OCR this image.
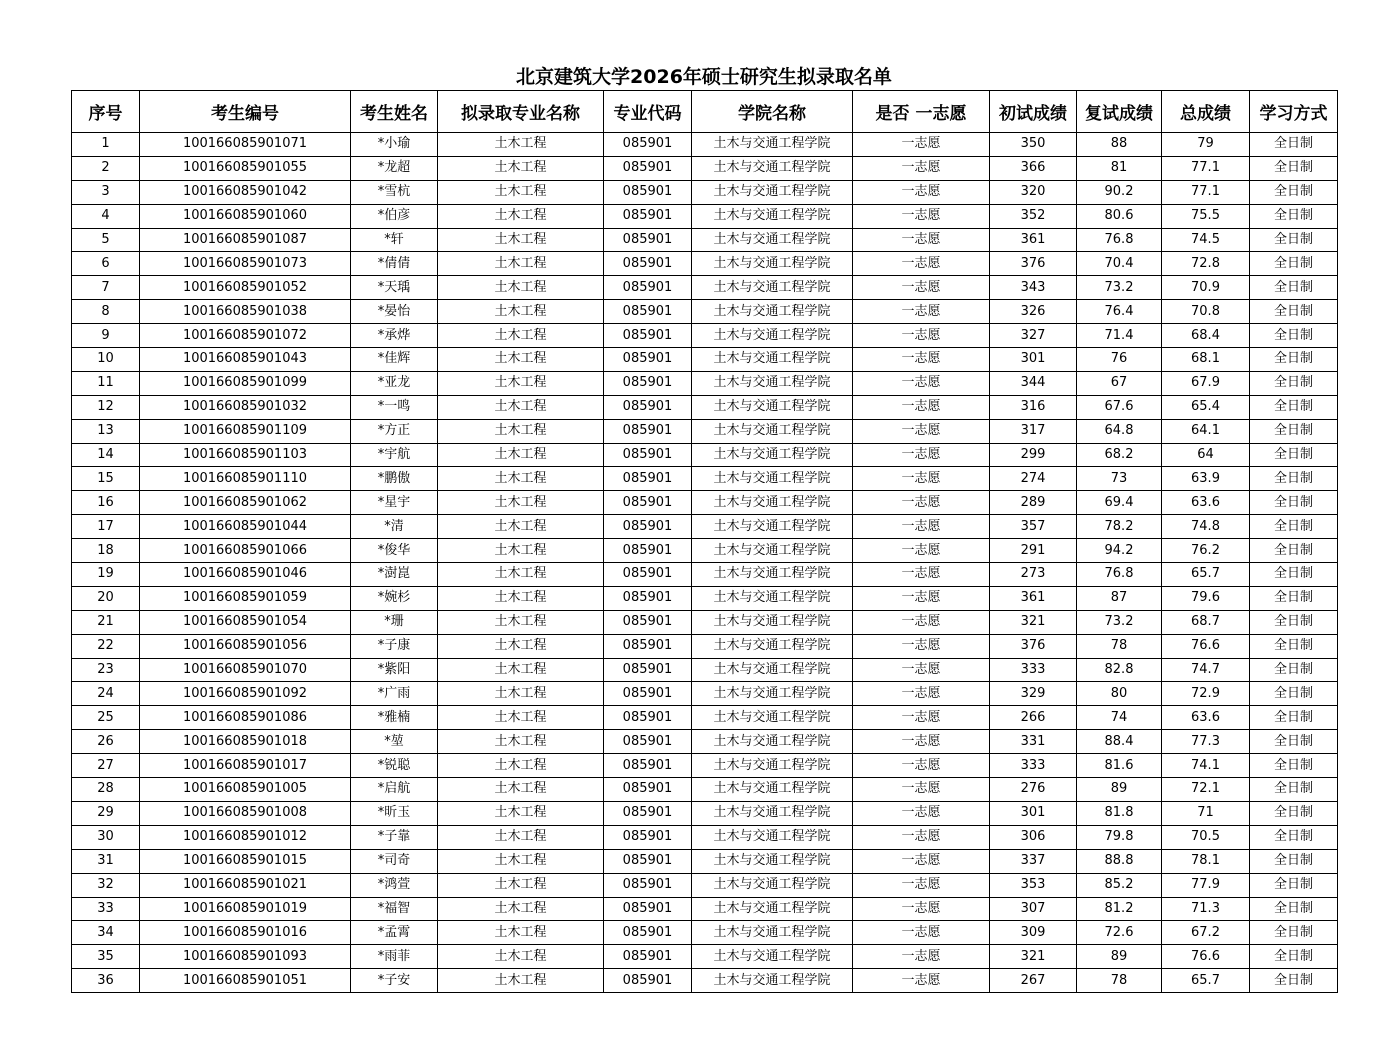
北京建筑大学2026年硕士研究生拟录取名单
序号	考生编号	考生姓名	拟录取专业名称	专业代码	学院名称	是否 一志愿	初试成绩	复试成绩	总成绩	学习方式
1	100166085901071	*小瑜	土木工程	085901	土木与交通工程学院	一志愿	350	88	79	全日制
2	100166085901055	*龙超	土木工程	085901	土木与交通工程学院	一志愿	366	81	77.1	全日制
3	100166085901042	*雪杭	土木工程	085901	土木与交通工程学院	一志愿	320	90.2	77.1	全日制
4	100166085901060	*伯彦	土木工程	085901	土木与交通工程学院	一志愿	352	80.6	75.5	全日制
5	100166085901087	*轩	土木工程	085901	土木与交通工程学院	一志愿	361	76.8	74.5	全日制
6	100166085901073	*倩倩	土木工程	085901	土木与交通工程学院	一志愿	376	70.4	72.8	全日制
7	100166085901052	*天瑀	土木工程	085901	土木与交通工程学院	一志愿	343	73.2	70.9	全日制
8	100166085901038	*晏怡	土木工程	085901	土木与交通工程学院	一志愿	326	76.4	70.8	全日制
9	100166085901072	*承烨	土木工程	085901	土木与交通工程学院	一志愿	327	71.4	68.4	全日制
10	100166085901043	*佳辉	土木工程	085901	土木与交通工程学院	一志愿	301	76	68.1	全日制
11	100166085901099	*亚龙	土木工程	085901	土木与交通工程学院	一志愿	344	67	67.9	全日制
12	100166085901032	*一鸣	土木工程	085901	土木与交通工程学院	一志愿	316	67.6	65.4	全日制
13	100166085901109	*方正	土木工程	085901	土木与交通工程学院	一志愿	317	64.8	64.1	全日制
14	100166085901103	*宇航	土木工程	085901	土木与交通工程学院	一志愿	299	68.2	64	全日制
15	100166085901110	*鹏傲	土木工程	085901	土木与交通工程学院	一志愿	274	73	63.9	全日制
16	100166085901062	*星宇	土木工程	085901	土木与交通工程学院	一志愿	289	69.4	63.6	全日制
17	100166085901044	*清	土木工程	085901	土木与交通工程学院	一志愿	357	78.2	74.8	全日制
18	100166085901066	*俊华	土木工程	085901	土木与交通工程学院	一志愿	291	94.2	76.2	全日制
19	100166085901046	*澍崑	土木工程	085901	土木与交通工程学院	一志愿	273	76.8	65.7	全日制
20	100166085901059	*婉杉	土木工程	085901	土木与交通工程学院	一志愿	361	87	79.6	全日制
21	100166085901054	*珊	土木工程	085901	土木与交通工程学院	一志愿	321	73.2	68.7	全日制
22	100166085901056	*子康	土木工程	085901	土木与交通工程学院	一志愿	376	78	76.6	全日制
23	100166085901070	*紫阳	土木工程	085901	土木与交通工程学院	一志愿	333	82.8	74.7	全日制
24	100166085901092	*广雨	土木工程	085901	土木与交通工程学院	一志愿	329	80	72.9	全日制
25	100166085901086	*雅楠	土木工程	085901	土木与交通工程学院	一志愿	266	74	63.6	全日制
26	100166085901018	*堃	土木工程	085901	土木与交通工程学院	一志愿	331	88.4	77.3	全日制
27	100166085901017	*锐聪	土木工程	085901	土木与交通工程学院	一志愿	333	81.6	74.1	全日制
28	100166085901005	*启航	土木工程	085901	土木与交通工程学院	一志愿	276	89	72.1	全日制
29	100166085901008	*昕玉	土木工程	085901	土木与交通工程学院	一志愿	301	81.8	71	全日制
30	100166085901012	*子靠	土木工程	085901	土木与交通工程学院	一志愿	306	79.8	70.5	全日制
31	100166085901015	*司奇	土木工程	085901	土木与交通工程学院	一志愿	337	88.8	78.1	全日制
32	100166085901021	*鸿萱	土木工程	085901	土木与交通工程学院	一志愿	353	85.2	77.9	全日制
33	100166085901019	*福智	土木工程	085901	土木与交通工程学院	一志愿	307	81.2	71.3	全日制
34	100166085901016	*孟霄	土木工程	085901	土木与交通工程学院	一志愿	309	72.6	67.2	全日制
35	100166085901093	*雨菲	土木工程	085901	土木与交通工程学院	一志愿	321	89	76.6	全日制
36	100166085901051	*子安	土木工程	085901	土木与交通工程学院	一志愿	267	78	65.7	全日制
